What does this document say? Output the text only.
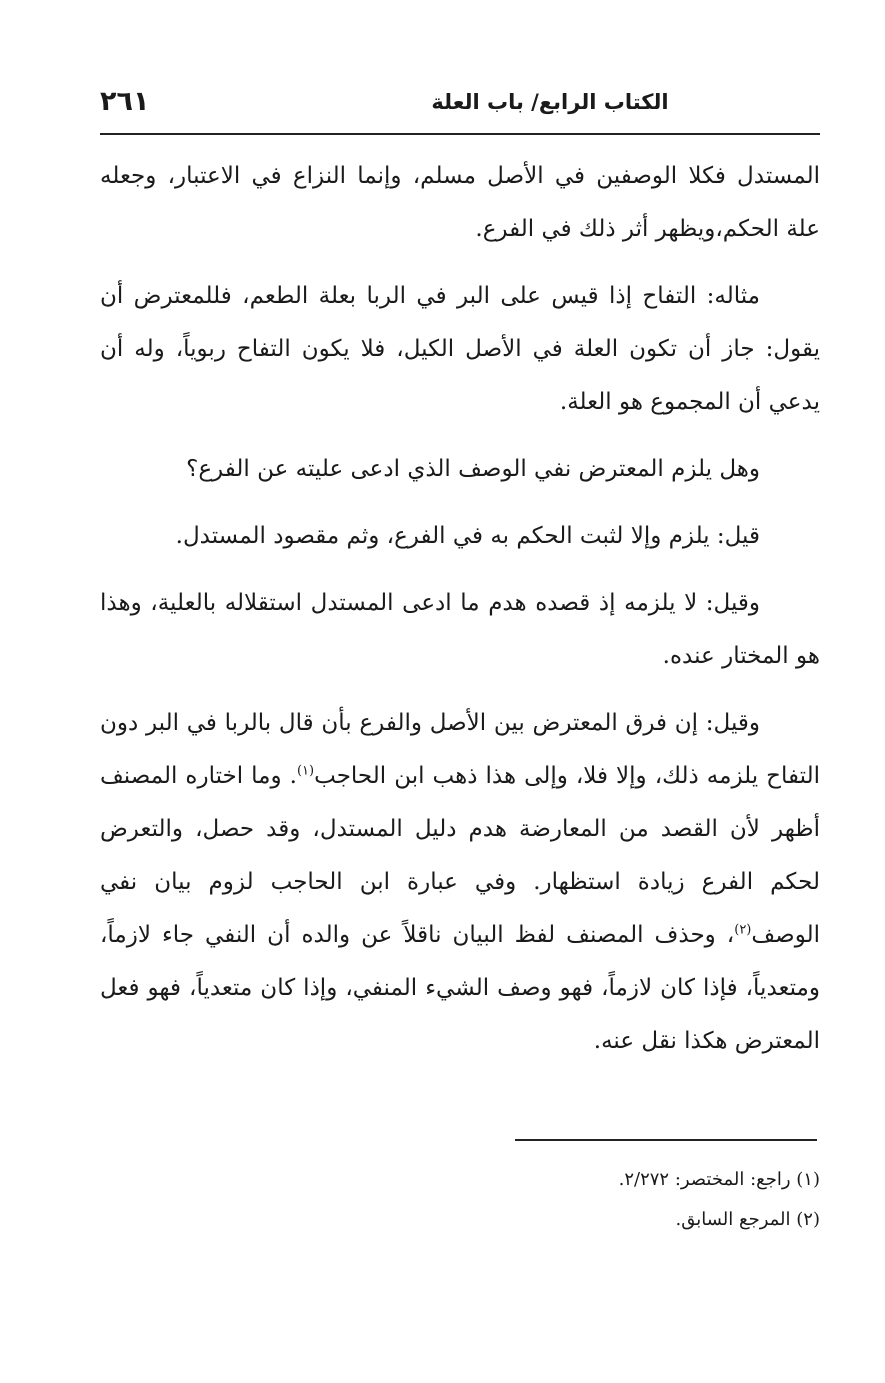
الكتاب الرابع/ باب العلة
٢٦١

المستدل فكلا الوصفين في الأصل مسلم، وإنما النزاع في الاعتبار، وجعله علة الحكم،ويظهر أثر ذلك في الفرع.

مثاله: التفاح إذا قيس على البر في الربا بعلة الطعم، فللمعترض أن يقول: جاز أن تكون العلة في الأصل الكيل، فلا يكون التفاح ربوياً، وله أن يدعي أن المجموع هو العلة.

وهل يلزم المعترض نفي الوصف الذي ادعى عليته عن الفرع؟

قيل: يلزم وإلا لثبت الحكم به في الفرع، وثم مقصود المستدل.

وقيل: لا يلزمه إذ قصده هدم ما ادعى المستدل استقلاله بالعلية، وهذا هو المختار عنده.

وقيل: إن فرق المعترض بين الأصل والفرع بأن قال بالربا في البر دون التفاح يلزمه ذلك، وإلا فلا، وإلى هذا ذهب ابن الحاجب$^{(١)}$. وما اختاره المصنف أظهر لأن القصد من المعارضة هدم دليل المستدل، وقد حصل، والتعرض لحكم الفرع زيادة استظهار. وفي عبارة ابن الحاجب لزوم بيان نفي الوصف$^{(٢)}$، وحذف المصنف لفظ البيان ناقلاً عن والده أن النفي جاء لازماً، ومتعدياً، فإذا كان لازماً، فهو وصف الشيء المنفي، وإذا كان متعدياً، فهو فعل المعترض هكذا نقل عنه.

(١) راجع: المختصر: ٢/٢٧٢.

(٢) المرجع السابق.
